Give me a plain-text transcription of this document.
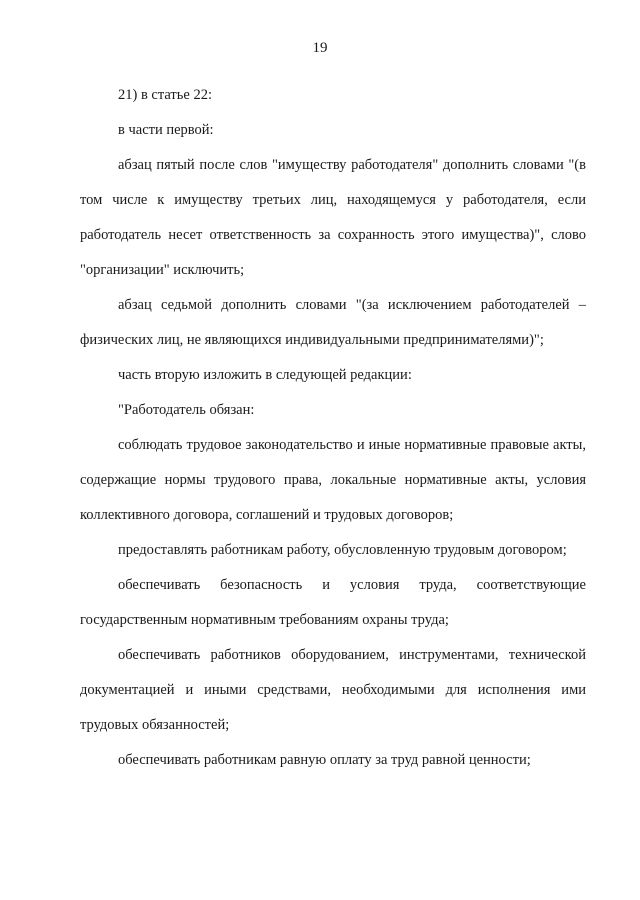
19

21) в статье 22:

в части первой:

абзац пятый после слов "имуществу работодателя" дополнить словами "(в том числе к имуществу третьих лиц, находящемуся у работодателя, если работодатель несет ответственность за сохранность этого имущества)", слово "организации" исключить;

абзац седьмой дополнить словами "(за исключением работодателей – физических лиц, не являющихся индивидуальными предпринимателями)";

часть вторую изложить в следующей редакции:

"Работодатель обязан:

соблюдать трудовое законодательство и иные нормативные правовые акты, содержащие нормы трудового права, локальные нормативные акты, условия коллективного договора, соглашений и трудовых договоров;

предоставлять работникам работу, обусловленную трудовым договором;

обеспечивать безопасность и условия труда, соответствующие государственным нормативным требованиям охраны труда;

обеспечивать работников оборудованием, инструментами, технической документацией и иными средствами, необходимыми для исполнения ими трудовых обязанностей;

обеспечивать работникам равную оплату за труд равной ценности;
